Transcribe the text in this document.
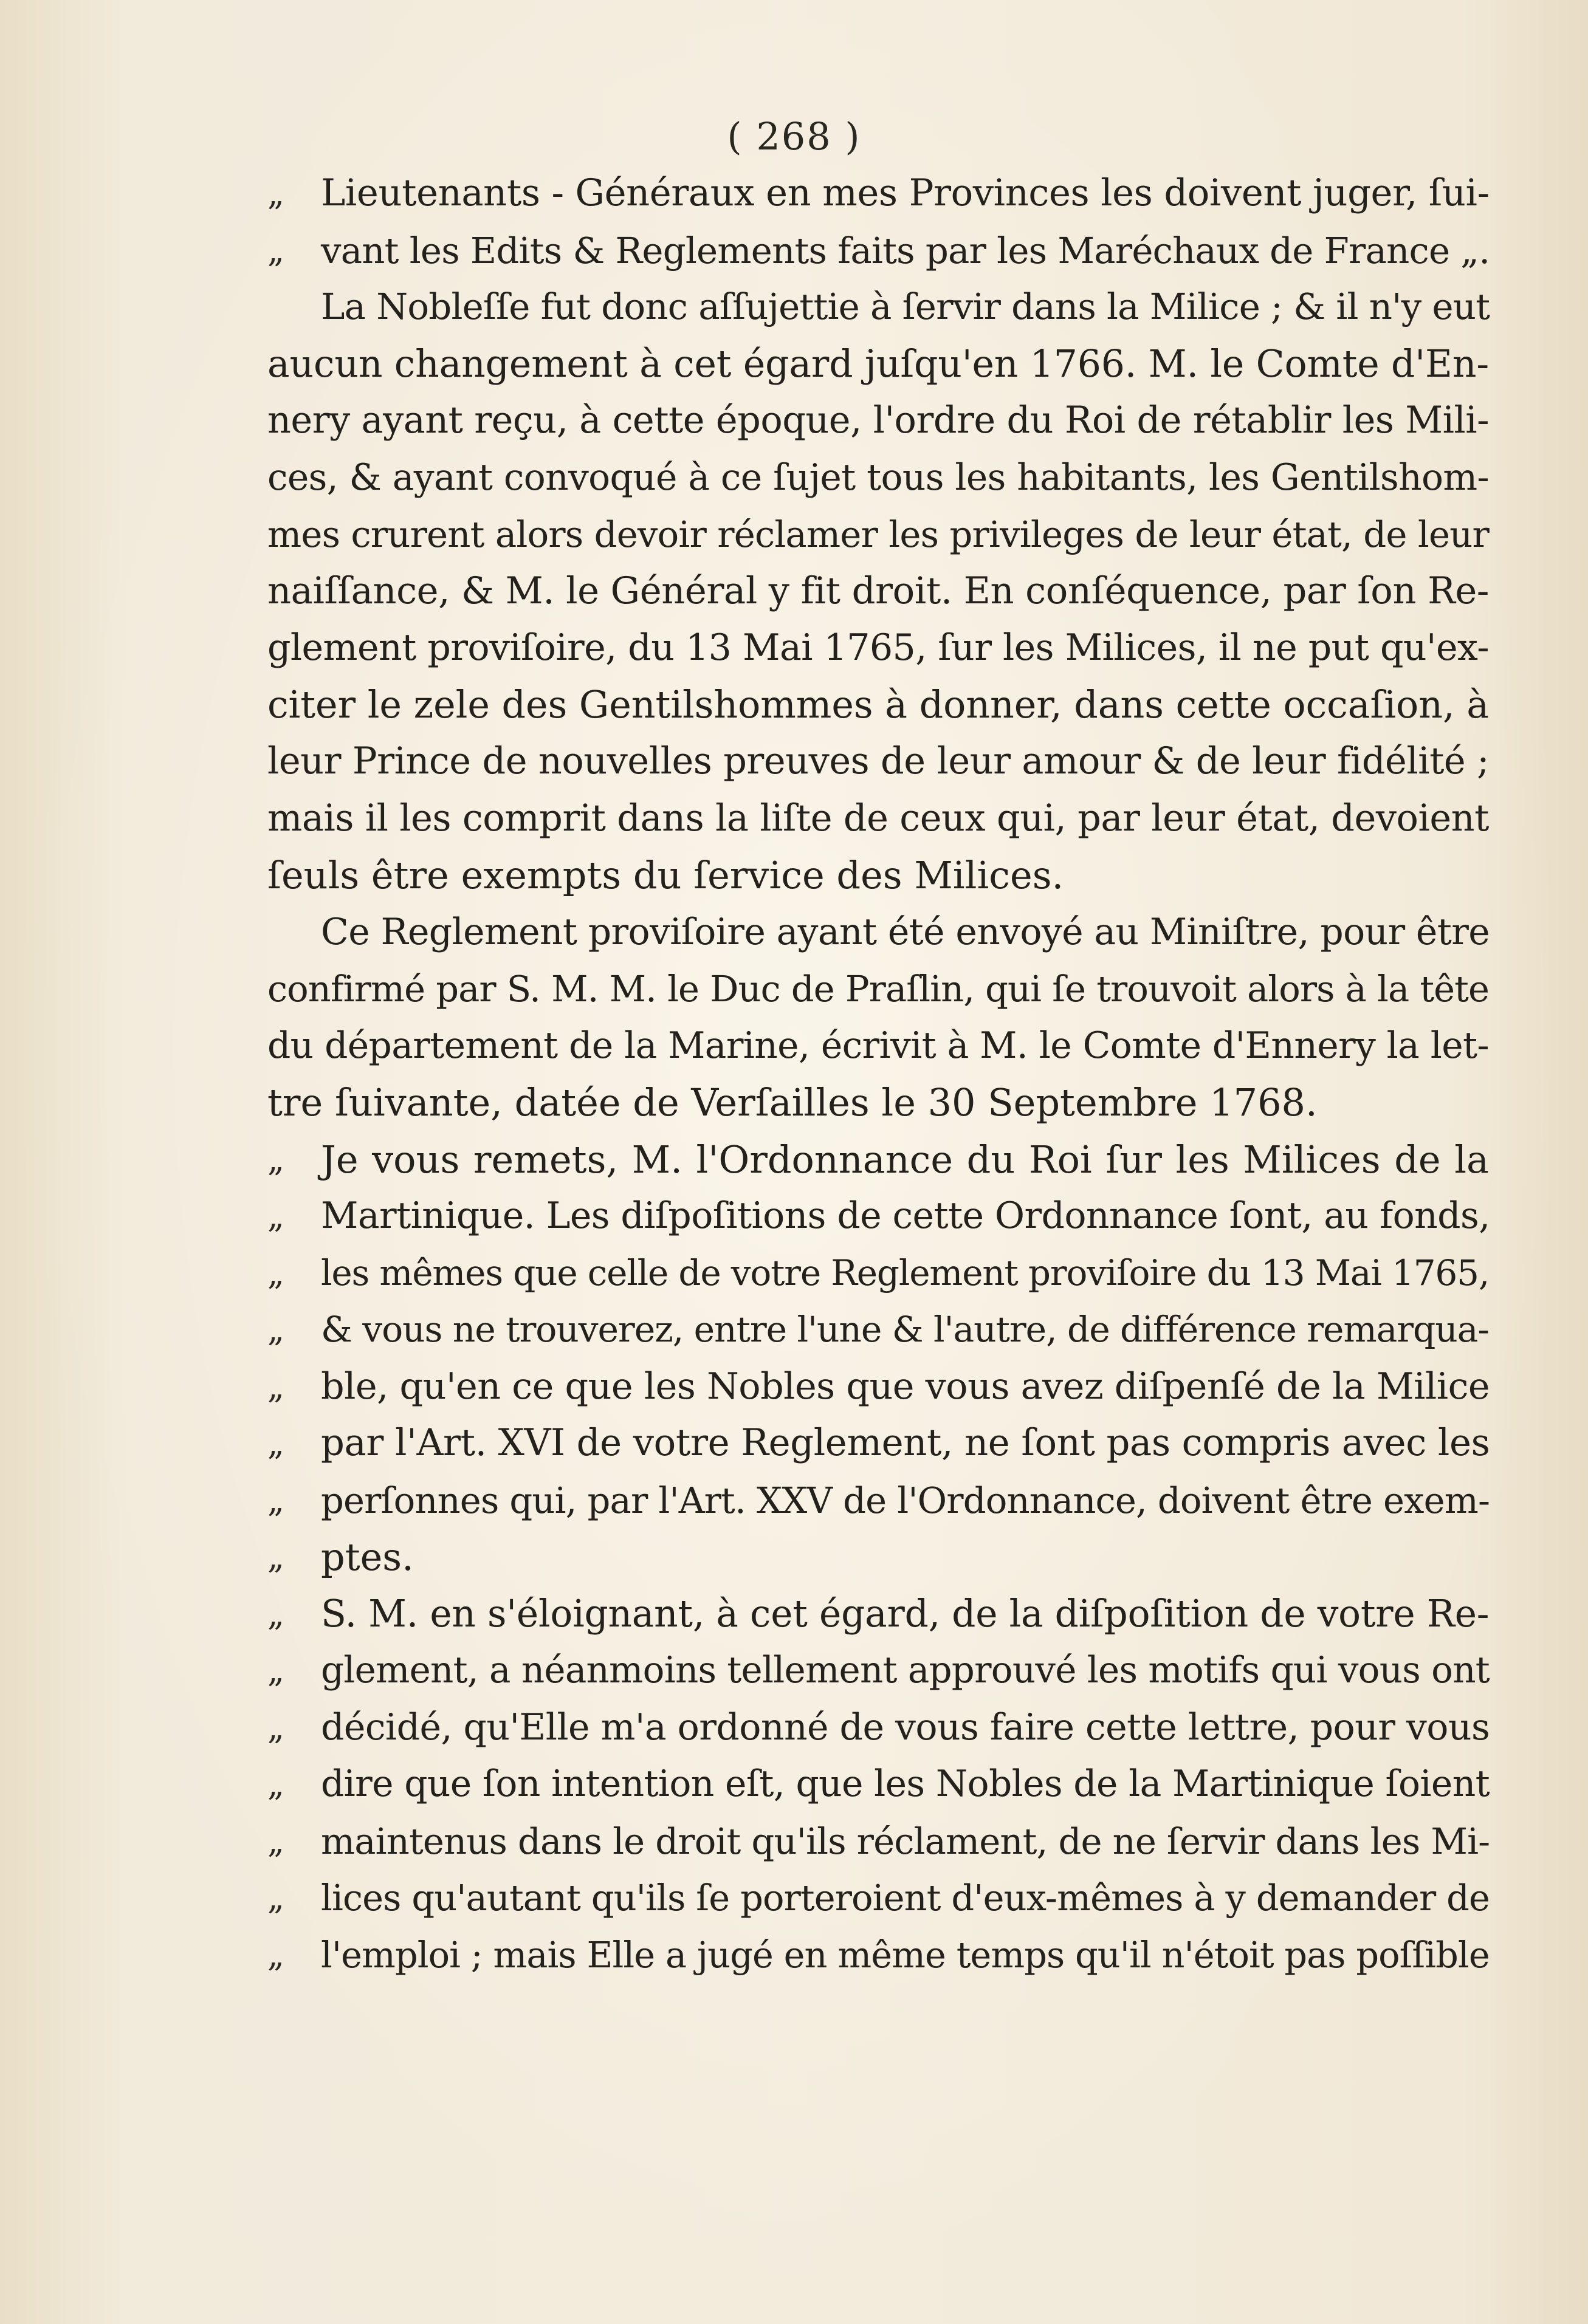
( 268 )
„ Lieutenants - Généraux en mes Provinces les doivent juger, ſui-
„ vant les Edits & Reglements faits par les Maréchaux de France „.
La Nobleſſe fut donc aſſujettie à ſervir dans la Milice ; & il n'y eut
aucun changement à cet égard juſqu'en 1766. M. le Comte d'En-
nery ayant reçu, à cette époque, l'ordre du Roi de rétablir les Mili-
ces, & ayant convoqué à ce ſujet tous les habitants, les Gentilshom-
mes crurent alors devoir réclamer les privileges de leur état, de leur
naiſſance, & M. le Général y fit droit. En conſéquence, par ſon Re-
glement proviſoire, du 13 Mai 1765, ſur les Milices, il ne put qu'ex-
citer le zele des Gentilshommes à donner, dans cette occaſion, à
leur Prince de nouvelles preuves de leur amour & de leur fidélité ;
mais il les comprit dans la liſte de ceux qui, par leur état, devoient
ſeuls être exempts du ſervice des Milices.
Ce Reglement proviſoire ayant été envoyé au Miniſtre, pour être
confirmé par S. M. M. le Duc de Praſlin, qui ſe trouvoit alors à la tête
du département de la Marine, écrivit à M. le Comte d'Ennery la let-
tre ſuivante, datée de Verſailles le 30 Septembre 1768.
„ Je vous remets, M. l'Ordonnance du Roi ſur les Milices de la
„ Martinique. Les diſpoſitions de cette Ordonnance ſont, au fonds,
„ les mêmes que celle de votre Reglement proviſoire du 13 Mai 1765,
„ & vous ne trouverez, entre l'une & l'autre, de différence remarqua-
„ ble, qu'en ce que les Nobles que vous avez diſpenſé de la Milice
„ par l'Art. XVI de votre Reglement, ne ſont pas compris avec les
„ perſonnes qui, par l'Art. XXV de l'Ordonnance, doivent être exem-
„ ptes.
„ S. M. en s'éloignant, à cet égard, de la diſpoſition de votre Re-
„ glement, a néanmoins tellement approuvé les motifs qui vous ont
„ décidé, qu'Elle m'a ordonné de vous faire cette lettre, pour vous
„ dire que ſon intention eſt, que les Nobles de la Martinique ſoient
„ maintenus dans le droit qu'ils réclament, de ne ſervir dans les Mi-
„ lices qu'autant qu'ils ſe porteroient d'eux-mêmes à y demander de
„ l'emploi ; mais Elle a jugé en même temps qu'il n'étoit pas poſſible
